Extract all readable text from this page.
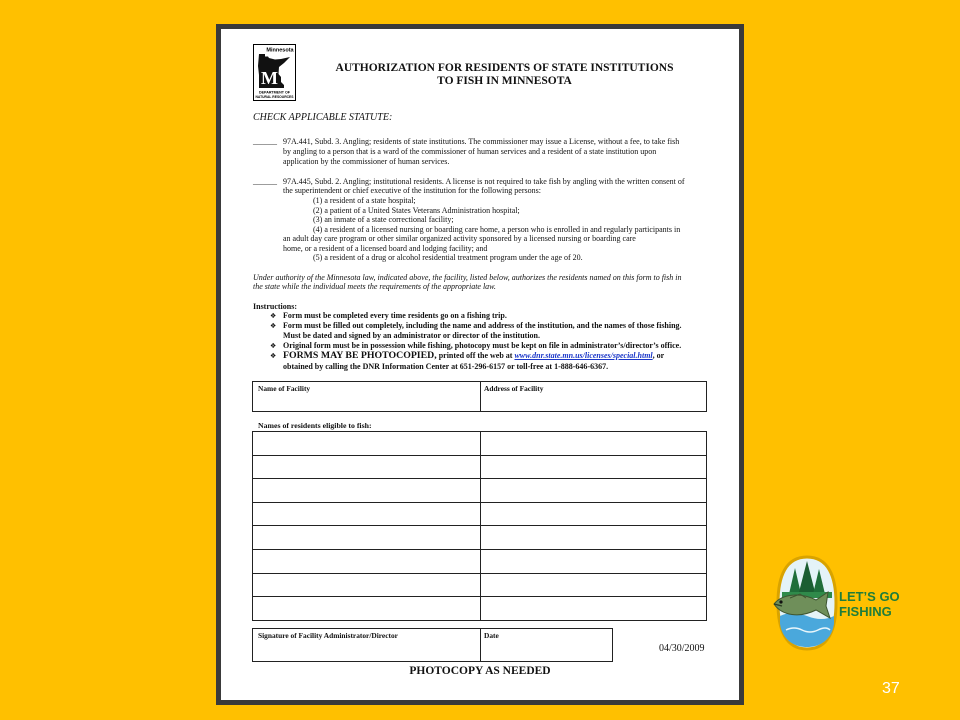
Minnesota
M
DEPARTMENT OF
NATURAL RESOURCES
AUTHORIZATION FOR RESIDENTS OF STATE INSTITUTIONS
TO FISH IN MINNESOTA
CHECK APPLICABLE STATUTE:
______ 97A.441, Subd. 3. Angling; residents of state institutions. The commissioner may issue a License, without a fee, to take fish
by angling to a person that is a ward of the commissioner of human services and a resident of a state institution upon
application by the commissioner of human services.
______ 97A.445, Subd. 2. Angling; institutional residents. A license is not required to take fish by angling with the written consent of
the superintendent or chief executive of the institution for the following persons:
(1) a resident of a state hospital;
(2) a patient of a United States Veterans Administration hospital;
(3) an inmate of a state correctional facility;
(4) a resident of a licensed nursing or boarding care home, a person who is enrolled in and regularly participants in
an adult day care program or other similar organized activity sponsored by a licensed nursing or boarding care
home, or a resident of a licensed board and lodging facility; and
(5) a resident of a drug or alcohol residential treatment program under the age of 20.
Under authority of the Minnesota law, indicated above, the facility, listed below, authorizes the residents named on this form to fish in
the state while the individual meets the requirements of the appropriate law.
Instructions:
❖ Form must be completed every time residents go on a fishing trip.
❖ Form must be filled out completely, including the name and address of the institution, and the names of those fishing.
Must be dated and signed by an administrator or director of the institution.
❖ Original form must be in possession while fishing, photocopy must be kept on file in administrator’s/director’s office.
❖ FORMS MAY BE PHOTOCOPIED, printed off the web at www.dnr.state.mn.us/licenses/special.html, or
obtained by calling the DNR Information Center at 651-296-6157 or toll-free at 1-888-646-6367.
Name of Facility	Address of Facility
Names of residents eligible to fish:
Signature of Facility Administrator/Director	Date
04/30/2009
PHOTOCOPY AS NEEDED
LET’S GO
FISHING
37
